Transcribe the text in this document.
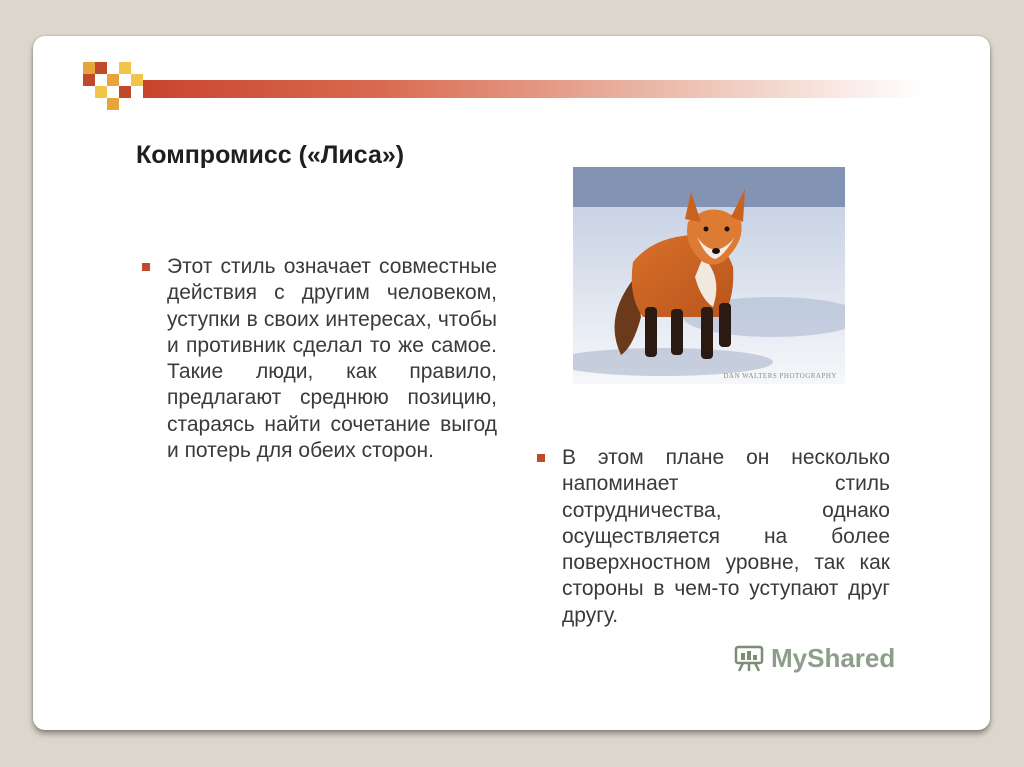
Компромисс («Лиса»)
Этот стиль означает совместные действия с другим человеком, уступки в своих интересах, чтобы и противник сделал то же самое. Такие люди, как правило, предлагают среднюю позицию, стараясь найти сочетание выгод и потерь для обеих сторон.
DAN WALTERS PHOTOGRAPHY
В этом плане он несколько напоминает стиль сотрудничества, однако осуществляется на более поверхностном уровне, так как стороны в чем-то уступают друг другу.
MyShared
